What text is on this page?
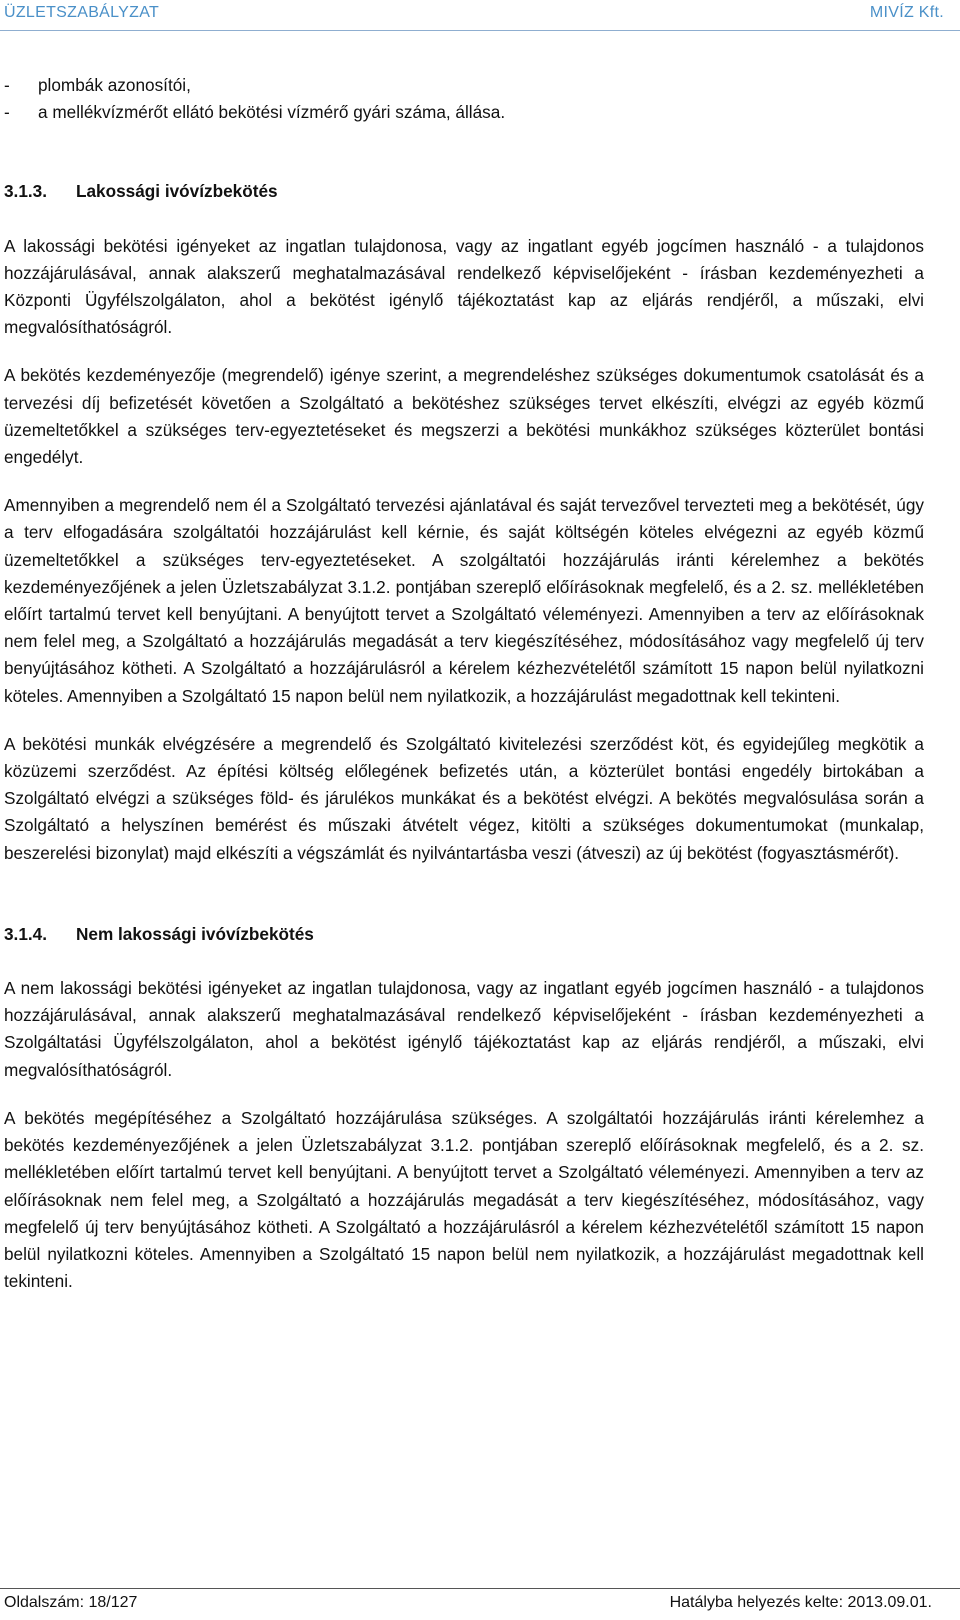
ÜZLETSZABÁLYZAT	MIVÍZ Kft.
- plombák azonosítói,
- a mellékvízmérőt ellátó bekötési vízmérő gyári száma, állása.
3.1.3.	Lakossági ivóvízbekötés

A lakossági bekötési igényeket az ingatlan tulajdonosa, vagy az ingatlant egyéb jogcímen használó - a tulajdonos hozzájárulásával, annak alakszerű meghatalmazásával rendelkező képviselőjeként - írásban kezdeményezheti a Központi Ügyfélszolgálaton, ahol a bekötést igénylő tájékoztatást kap az eljárás rendjéről, a műszaki, elvi megvalósíthatóságról.

A bekötés kezdeményezője (megrendelő) igénye szerint, a megrendeléshez szükséges dokumentumok csatolását és a tervezési díj befizetését követően a Szolgáltató a bekötéshez szükséges tervet elkészíti, elvégzi az egyéb közmű üzemeltetőkkel a szükséges terv-egyeztetéseket és megszerzi a bekötési munkákhoz szükséges közterület bontási engedélyt.

Amennyiben a megrendelő nem él a Szolgáltató tervezési ajánlatával és saját tervezővel tervezteti meg a bekötését, úgy a terv elfogadására szolgáltatói hozzájárulást kell kérnie, és saját költségén köteles elvégezni az egyéb közmű üzemeltetőkkel a szükséges terv-egyeztetéseket. A szolgáltatói hozzájárulás iránti kérelemhez a bekötés kezdeményezőjének a jelen Üzletszabályzat 3.1.2. pontjában szereplő előírásoknak megfelelő, és a 2. sz. mellékletében előírt tartalmú tervet kell benyújtani. A benyújtott tervet a Szolgáltató véleményezi. Amennyiben a terv az előírásoknak nem felel meg, a Szolgáltató a hozzájárulás megadását a terv kiegészítéséhez, módosításához vagy megfelelő új terv benyújtásához kötheti. A Szolgáltató a hozzájárulásról a kérelem kézhezvételétől számított 15 napon belül nyilatkozni köteles. Amennyiben a Szolgáltató 15 napon belül nem nyilatkozik, a hozzájárulást megadottnak kell tekinteni.

A bekötési munkák elvégzésére a megrendelő és Szolgáltató kivitelezési szerződést köt, és egyidejűleg megkötik a közüzemi szerződést. Az építési költség előlegének befizetés után, a közterület bontási engedély birtokában a Szolgáltató elvégzi a szükséges föld- és járulékos munkákat és a bekötést elvégzi. A bekötés megvalósulása során a Szolgáltató a helyszínen bemérést és műszaki átvételt végez, kitölti a szükséges dokumentumokat (munkalap, beszerelési bizonylat) majd elkészíti a végszámlát és nyilvántartásba veszi (átveszi) az új bekötést (fogyasztásmérőt).

3.1.4.	Nem lakossági ivóvízbekötés

A nem lakossági bekötési igényeket az ingatlan tulajdonosa, vagy az ingatlant egyéb jogcímen használó - a tulajdonos hozzájárulásával, annak alakszerű meghatalmazásával rendelkező képviselőjeként - írásban kezdeményezheti a Szolgáltatási Ügyfélszolgálaton, ahol a bekötést igénylő tájékoztatást kap az eljárás rendjéről, a műszaki, elvi megvalósíthatóságról.

A bekötés megépítéséhez a Szolgáltató hozzájárulása szükséges. A szolgáltatói hozzájárulás iránti kérelemhez a bekötés kezdeményezőjének a jelen Üzletszabályzat 3.1.2. pontjában szereplő előírásoknak megfelelő, és a 2. sz. mellékletében előírt tartalmú tervet kell benyújtani. A benyújtott tervet a Szolgáltató véleményezi. Amennyiben a terv az előírásoknak nem felel meg, a Szolgáltató a hozzájárulás megadását a terv kiegészítéséhez, módosításához, vagy megfelelő új terv benyújtásához kötheti. A Szolgáltató a hozzájárulásról a kérelem kézhezvételétől számított 15 napon belül nyilatkozni köteles. Amennyiben a Szolgáltató 15 napon belül nem nyilatkozik, a hozzájárulást megadottnak kell tekinteni.

Oldalszám: 18/127	Hatályba helyezés kelte: 2013.09.01.
